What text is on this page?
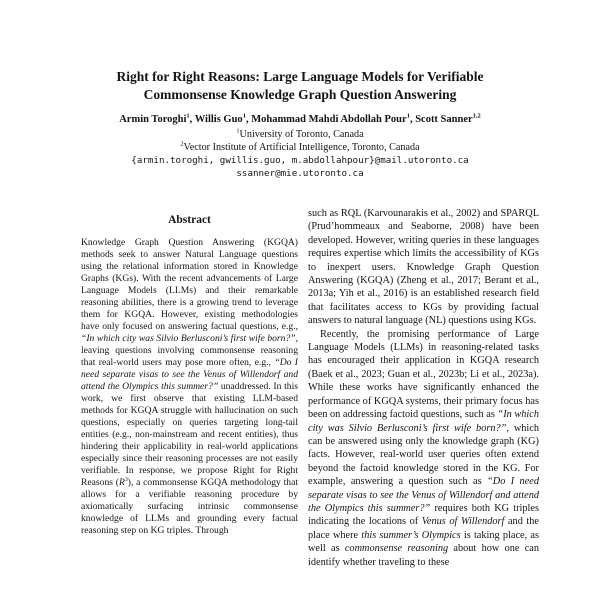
Right for Right Reasons: Large Language Models for Verifiable
Commonsense Knowledge Graph Question Answering
Armin Toroghi$^1$, Willis Guo$^1$, Mohammad Mahdi Abdollah Pour$^1$, Scott Sanner$^{1,2}$
$^1$University of Toronto, Canada
$^2$Vector Institute of Artificial Intelligence, Toronto, Canada
{armin.toroghi, gwillis.guo, m.abdollahpour}@mail.utoronto.ca
ssanner@mie.utoronto.ca
Abstract

Knowledge Graph Question Answering (KGQA) methods seek to answer Natural Language questions using the relational information stored in Knowledge Graphs (KGs). With the recent advancements of Large Language Models (LLMs) and their remarkable reasoning abilities, there is a growing trend to leverage them for KGQA. However, existing methodologies have only focused on answering factual questions, e.g., “In which city was Silvio Berlusconi’s first wife born?”, leaving questions involving commonsense reasoning that real-world users may pose more often, e.g., “Do I need separate visas to see the Venus of Willendorf and attend the Olympics this summer?” unaddressed. In this work, we first observe that existing LLM-based methods for KGQA struggle with hallucination on such questions, especially on queries targeting long-tail entities (e.g., non-mainstream and recent entities), thus hindering their applicability in real-world applications especially since their reasoning processes are not easily verifiable. In response, we propose Right for Right Reasons $(R^3)$, a commonsense KGQA methodology that allows for a verifiable reasoning procedure by axiomatically surfacing intrinsic commonsense knowledge of LLMs and grounding every factual reasoning step on KG triples. Through

such as RQL (Karvounarakis et al., 2002) and SPARQL (Prud’hommeaux and Seaborne, 2008) have been developed. However, writing queries in these languages requires expertise which limits the accessibility of KGs to inexpert users. Knowledge Graph Question Answering (KGQA) (Zheng et al., 2017; Berant et al., 2013a; Yih et al., 2016) is an established research field that facilitates access to KGs by providing factual answers to natural language (NL) questions using KGs.

Recently, the promising performance of Large Language Models (LLMs) in reasoning-related tasks has encouraged their application in KGQA research (Baek et al., 2023; Guan et al., 2023b; Li et al., 2023a). While these works have significantly enhanced the performance of KGQA systems, their primary focus has been on addressing factoid questions, such as “In which city was Silvio Berlusconi’s first wife born?”, which can be answered using only the knowledge graph (KG) facts. However, real-world user queries often extend beyond the factoid knowledge stored in the KG. For example, answering a question such as “Do I need separate visas to see the Venus of Willendorf and attend the Olympics this summer?” requires both KG triples indicating the locations of Venus of Willendorf and the place where this summer’s Olympics is taking place, as well as commonsense reasoning about how one can identify whether traveling to these
